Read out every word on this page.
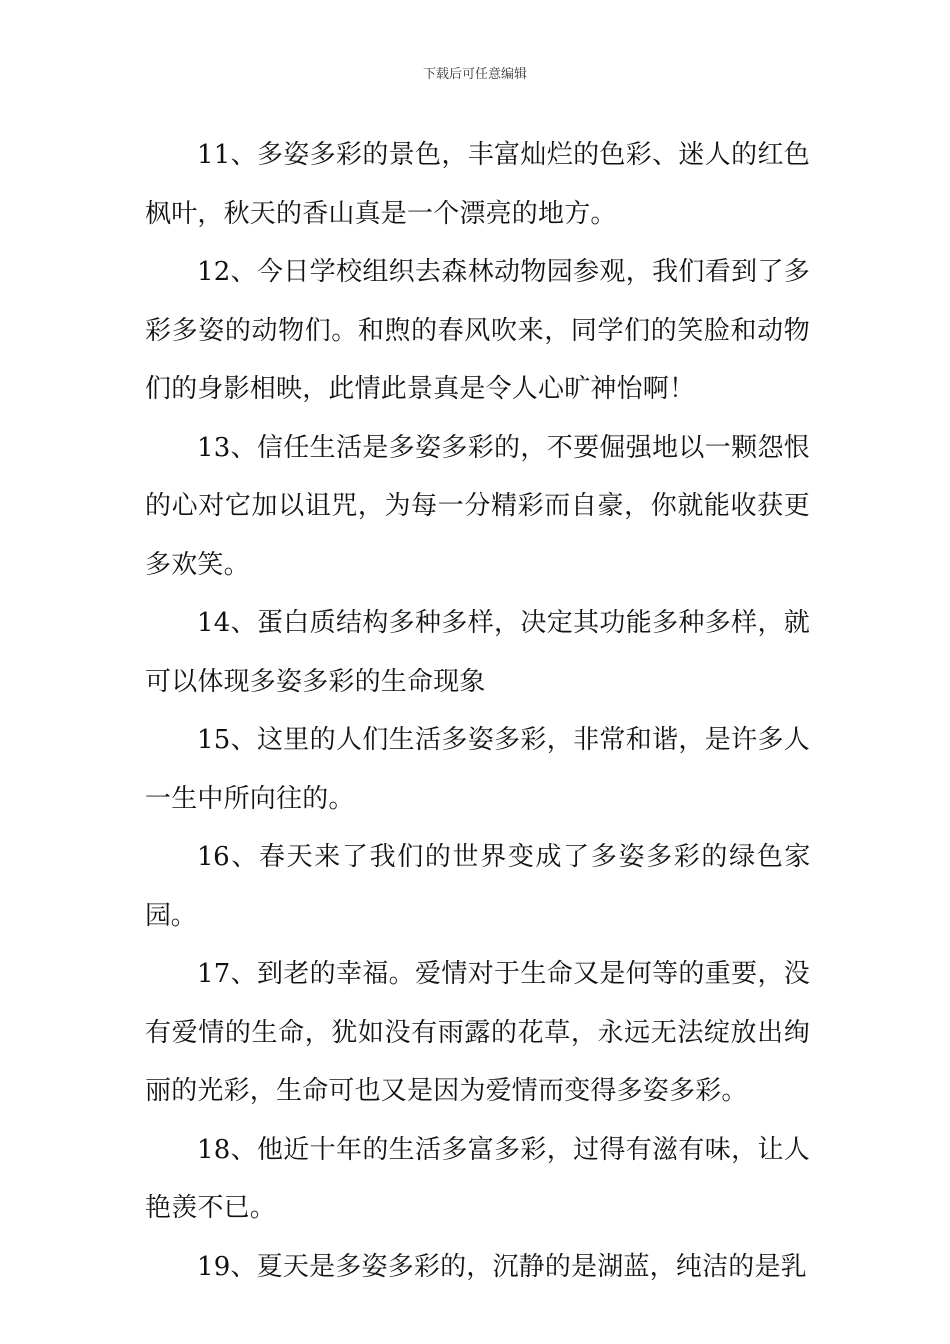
下载后可任意编辑

11、多姿多彩的景色，丰富灿烂的色彩、迷人的红色枫叶，秋天的香山真是一个漂亮的地方。

12、今日学校组织去森林动物园参观，我们看到了多彩多姿的动物们。和煦的春风吹来，同学们的笑脸和动物们的身影相映，此情此景真是令人心旷神怡啊！

13、信任生活是多姿多彩的，不要倔强地以一颗怨恨的心对它加以诅咒，为每一分精彩而自豪，你就能收获更多欢笑。

14、蛋白质结构多种多样，决定其功能多种多样，就可以体现多姿多彩的生命现象

15、这里的人们生活多姿多彩，非常和谐，是许多人一生中所向往的。

16、春天来了我们的世界变成了多姿多彩的绿色家园。

17、到老的幸福。爱情对于生命又是何等的重要，没有爱情的生命，犹如没有雨露的花草，永远无法绽放出绚丽的光彩，生命可也又是因为爱情而变得多姿多彩。

18、他近十年的生活多富多彩，过得有滋有味，让人艳羡不已。

19、夏天是多姿多彩的，沉静的是湖蓝，纯洁的是乳
